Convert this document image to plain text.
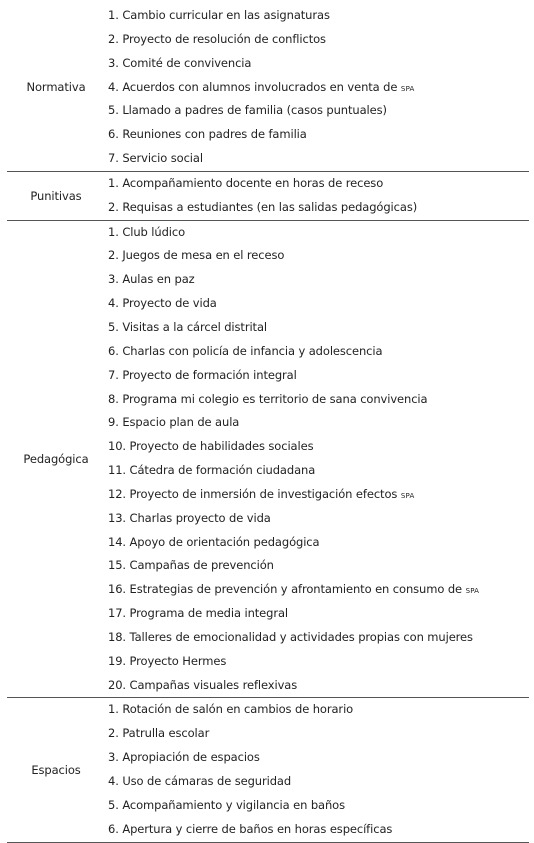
Normativa
1. Cambio curricular en las asignaturas
2. Proyecto de resolución de conflictos
3. Comité de convivencia
4. Acuerdos con alumnos involucrados en venta de SPA
5. Llamado a padres de familia (casos puntuales)
6. Reuniones con padres de familia
7. Servicio social
Punitivas
1. Acompañamiento docente en horas de receso
2. Requisas a estudiantes (en las salidas pedagógicas)
Pedagógica
1. Club lúdico
2. Juegos de mesa en el receso
3. Aulas en paz
4. Proyecto de vida
5. Visitas a la cárcel distrital
6. Charlas con policía de infancia y adolescencia
7. Proyecto de formación integral
8. Programa mi colegio es territorio de sana convivencia
9. Espacio plan de aula
10. Proyecto de habilidades sociales
11. Cátedra de formación ciudadana
12. Proyecto de inmersión de investigación efectos SPA
13. Charlas proyecto de vida
14. Apoyo de orientación pedagógica
15. Campañas de prevención
16. Estrategias de prevención y afrontamiento en consumo de SPA
17. Programa de media integral
18. Talleres de emocionalidad y actividades propias con mujeres
19. Proyecto Hermes
20. Campañas visuales reflexivas
Espacios
1. Rotación de salón en cambios de horario
2. Patrulla escolar
3. Apropiación de espacios
4. Uso de cámaras de seguridad
5. Acompañamiento y vigilancia en baños
6. Apertura y cierre de baños en horas específicas
